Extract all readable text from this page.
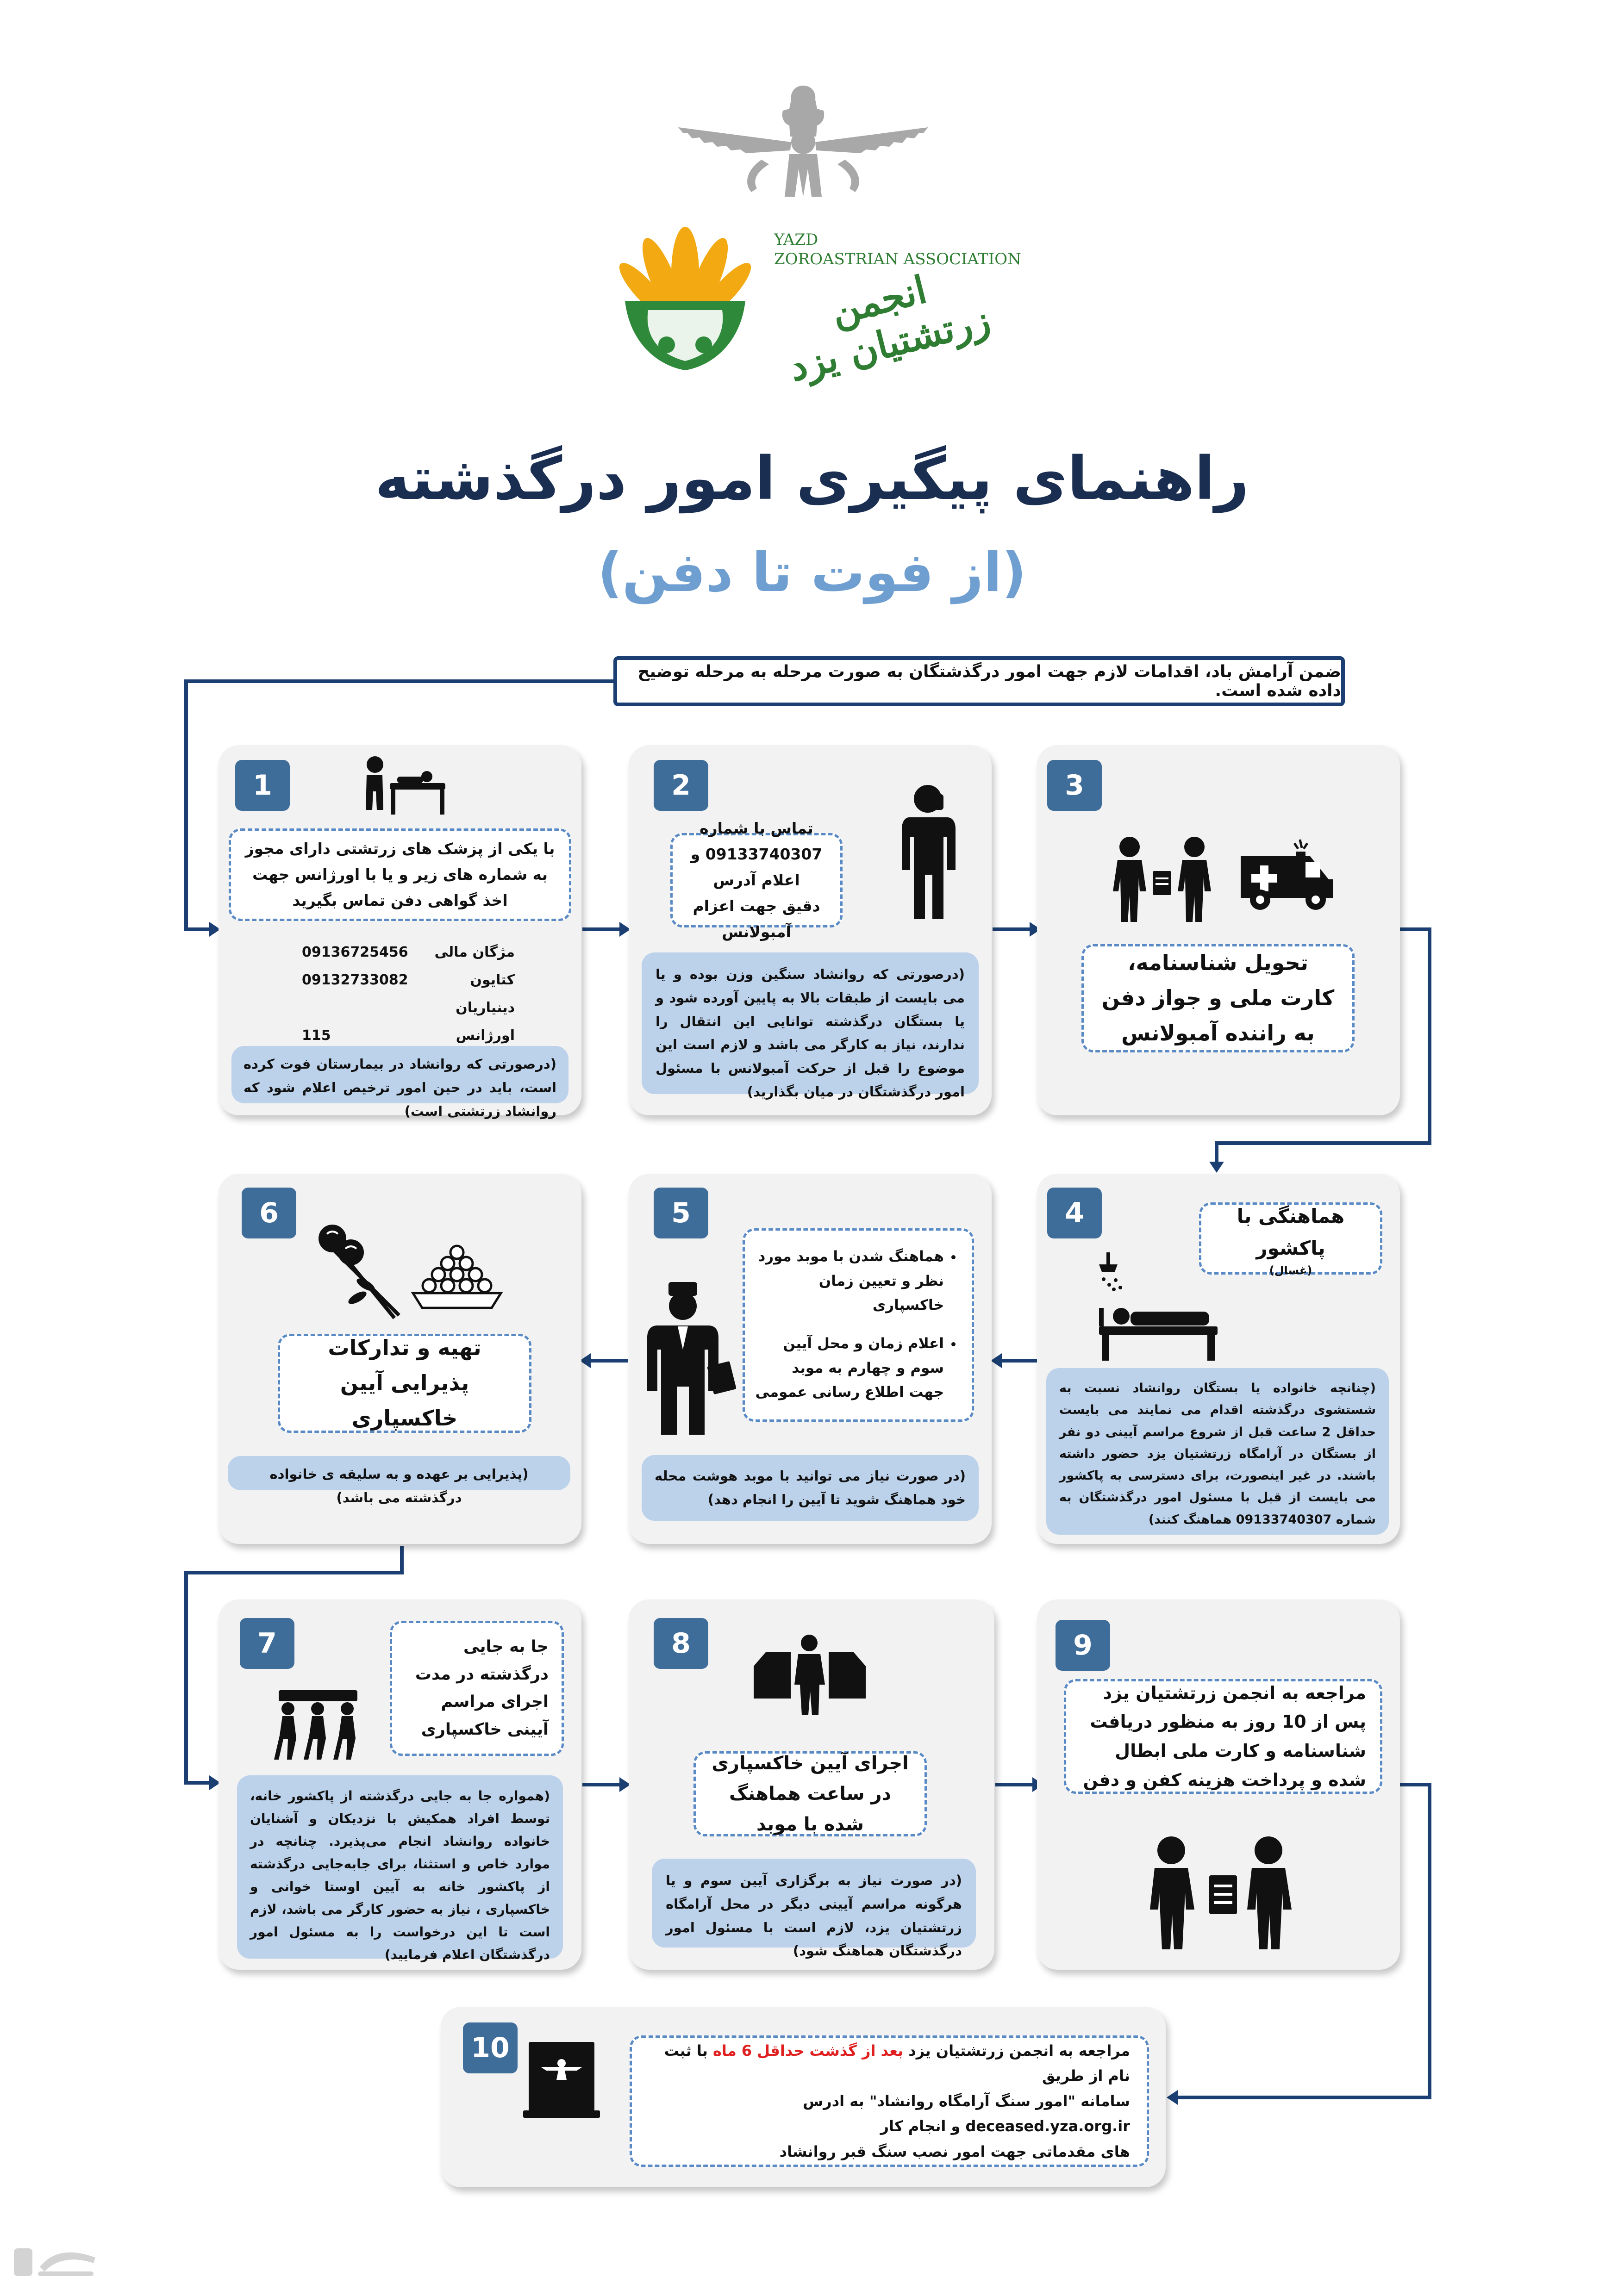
YAZD
ZOROASTRIAN ASSOCIATION
انجمن زرتشتیان یزد
راهنمای پیگیری امور درگذشته
(از فوت تا دفن)
ضمن آرامش باد، اقدامات لازم جهت امور درگذشتگان به صورت مرحله به مرحله توضیح داده شده است.
1
با یکی از پزشک های زرتشتی دارای مجوز به شماره های زیر و یا با اورژانس جهت اخذ گواهی دفن تماس بگیرید
09136725456 مژگان مالی
09132733082	کتایون دینیاریان
115	اورژانس
(درصورتی که روانشاد در بیمارستان فوت کرده است، باید در حین امور ترخیص اعلام شود که روانشاد زرتشتی است)
2
تماس با شماره
09133740307 و اعلام آدرس
دقیق جهت اعزام آمبولانس
(درصورتی که روانشاد سنگین وزن بوده و یا می بایست از طبقات بالا به پایین آورده شود و یا بستگان درگذشته توانایی این انتقال را ندارند، نیاز به کارگر می باشد و لازم است این موضوع را قبل از حرکت آمبولانس با مسئول امور درگذشتگان در میان بگذارید)
3
تحویل شناسنامه، کارت ملی و جواز دفن به راننده آمبولانس
4	هماهنگی با پاکشور
(غسال)
(چنانچه خانواده یا بستگان روانشاد نسبت به شستشوی درگذشته اقدام می نمایند می بایست حداقل 2 ساعت قبل از شروع مراسم آیینی دو نفر از بستگان در آرامگاه زرتشتیان یزد حضور داشته باشند. در غیر اینصورت، برای دسترسی به پاکشور می بایست از قبل با مسئول امور درگذشتگان به شماره 09133740307 هماهنگ کنند)
5
• هماهنگ شدن با موبد مورد نظر و تعیین زمان خاکسپاری
• اعلام زمان و محل آیین سوم و چهارم به موبد جهت اطلاع رسانی عمومی
(در صورت نیاز می توانید با موبد هوشت محله خود هماهنگ شوید تا آیین را انجام دهد)
6
تهیه و تدارکات پذیرایی آیین خاکسپاری
(پذیرایی بر عهده و به سلیقه ی خانواده درگذشته می باشد)
7	جا به جایی درگذشته در مدت اجرای مراسم آیینی خاکسپاری
(همواره جا به جایی درگذشته از پاکشور خانه، توسط افراد همکیش با نزدیکان و آشنایان خانواده روانشاد انجام می‌پذیرد. چنانچه در موارد خاص و استثنا، برای جابه‌جایی درگذشته از پاکشور خانه به آیین اوستا خوانی و خاکسپاری ، نیاز به حضور کارگر می باشد، لازم است تا این درخواست را به مسئول امور درگذشتگان اعلام فرمایید)
8
اجرای آیین خاکسپاری در ساعت هماهنگ شده با موبد
(در صورت نیاز به برگزاری آیین سوم و یا هرگونه مراسم آیینی دیگر در محل آرامگاه زرتشتیان یزد، لازم است با مسئول امور درگذشتگان هماهنگ شود)
9
مراجعه به انجمن زرتشتیان یزد پس از 10 روز به منظور دریافت شناسنامه و کارت ملی ابطال شده و پرداخت هزینه کفن و دفن
10	مراجعه به انجمن زرتشتیان یزد بعد از گذشت حداقل 6 ماه با ثبت نام از طریق
سامانه "امور سنگ آرامگاه روانشاد" به ادرس deceased.yza.org.ir و انجام کار
های مقدماتی جهت امور نصب سنگ قبر روانشاد
